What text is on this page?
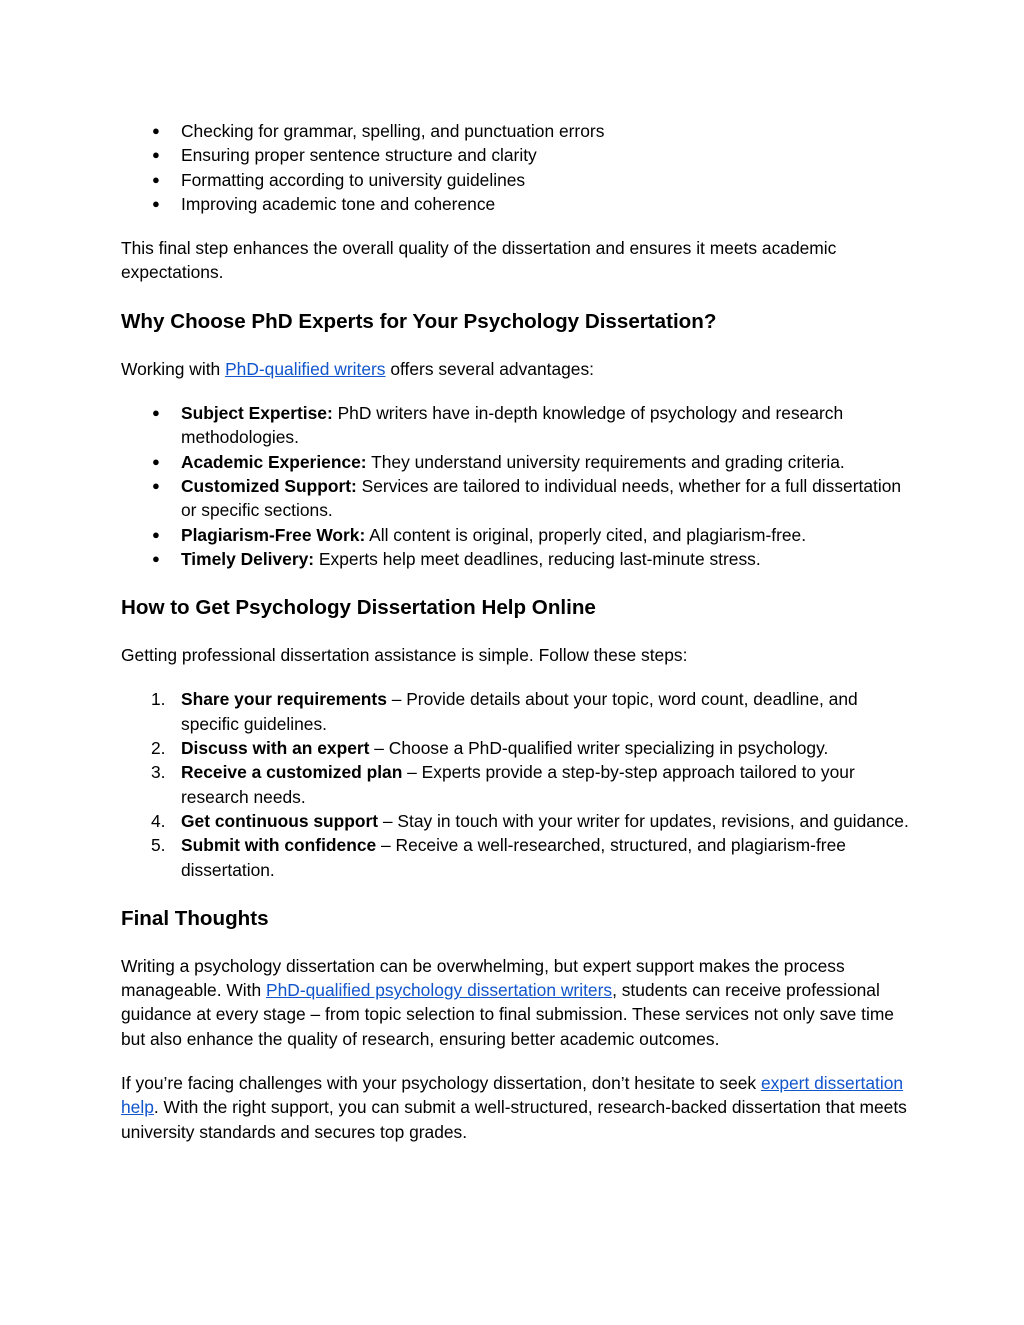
● Checking for grammar, spelling, and punctuation errors
● Ensuring proper sentence structure and clarity
● Formatting according to university guidelines
● Improving academic tone and coherence

This final step enhances the overall quality of the dissertation and ensures it meets academic expectations.

Why Choose PhD Experts for Your Psychology Dissertation?

Working with PhD-qualified writers offers several advantages:

● Subject Expertise: PhD writers have in-depth knowledge of psychology and research methodologies.
● Academic Experience: They understand university requirements and grading criteria.
● Customized Support: Services are tailored to individual needs, whether for a full dissertation or specific sections.
● Plagiarism-Free Work: All content is original, properly cited, and plagiarism-free.
● Timely Delivery: Experts help meet deadlines, reducing last-minute stress.
How to Get Psychology Dissertation Help Online

Getting professional dissertation assistance is simple. Follow these steps:

1. Share your requirements – Provide details about your topic, word count, deadline, and specific guidelines.
2. Discuss with an expert – Choose a PhD-qualified writer specializing in psychology.
3. Receive a customized plan – Experts provide a step-by-step approach tailored to your research needs.
4. Get continuous support – Stay in touch with your writer for updates, revisions, and guidance.
5. Submit with confidence – Receive a well-researched, structured, and plagiarism-free dissertation.
Final Thoughts

Writing a psychology dissertation can be overwhelming, but expert support makes the process manageable. With PhD-qualified psychology dissertation writers, students can receive professional guidance at every stage – from topic selection to final submission. These services not only save time but also enhance the quality of research, ensuring better academic outcomes.

If you’re facing challenges with your psychology dissertation, don’t hesitate to seek expert dissertation help. With the right support, you can submit a well-structured, research-backed dissertation that meets university standards and secures top grades.
